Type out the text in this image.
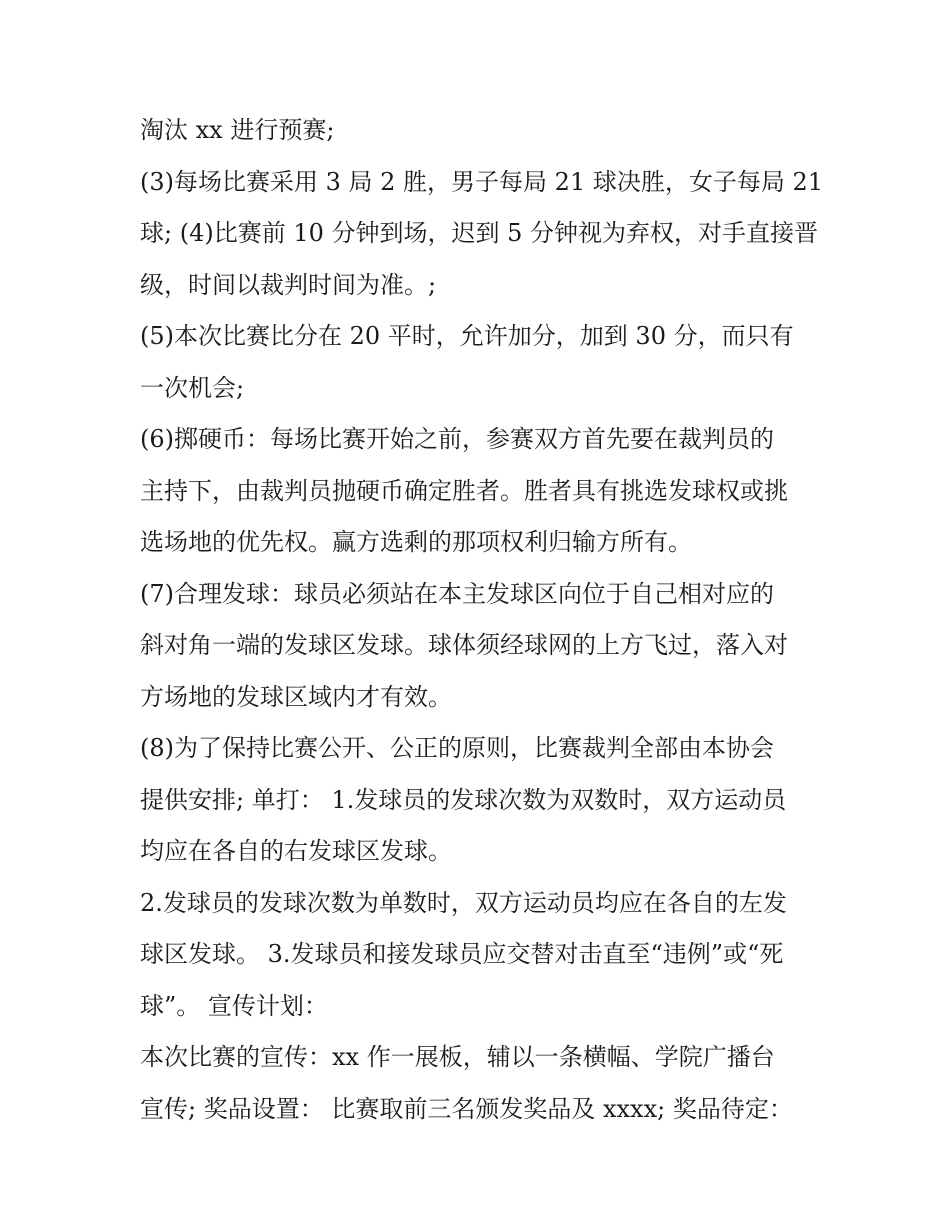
淘汰 xx 进行预赛;
(3)每场比赛采用 3 局 2 胜，男子每局 21 球决胜，女子每局 21
球; (4)比赛前 10 分钟到场，迟到 5 分钟视为弃权，对手直接晋
级，时间以裁判时间为准。;
(5)本次比赛比分在 20 平时，允许加分，加到 30 分，而只有
一次机会;
(6)掷硬币：每场比赛开始之前，参赛双方首先要在裁判员的
主持下，由裁判员抛硬币确定胜者。胜者具有挑选发球权或挑
选场地的优先权。赢方选剩的那项权利归输方所有。
(7)合理发球：球员必须站在本主发球区向位于自己相对应的
斜对角一端的发球区发球。球体须经球网的上方飞过，落入对
方场地的发球区域内才有效。
(8)为了保持比赛公开、公正的原则，比赛裁判全部由本协会
提供安排; 单打： 1.发球员的发球次数为双数时，双方运动员
均应在各自的右发球区发球。
2.发球员的发球次数为单数时，双方运动员均应在各自的左发
球区发球。 3.发球员和接发球员应交替对击直至“违例”或“死
球”。 宣传计划：
本次比赛的宣传：xx 作一展板，辅以一条横幅、学院广播台
宣传; 奖品设置： 比赛取前三名颁发奖品及 xxxx; 奖品待定：
